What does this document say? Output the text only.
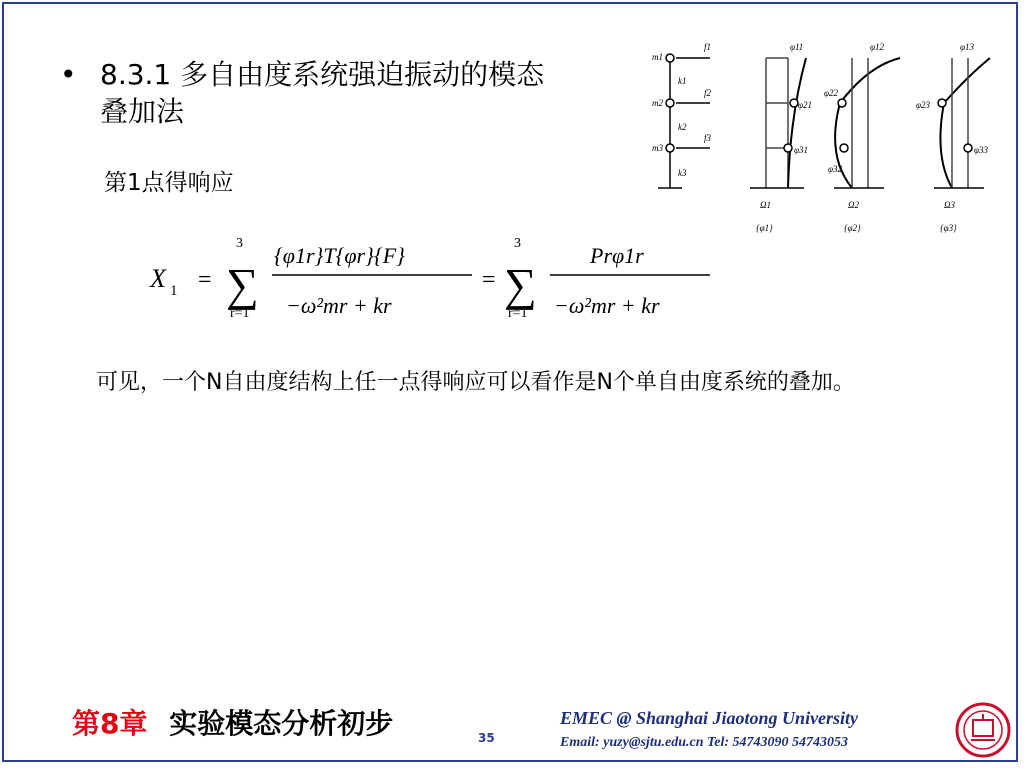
• 8.3.1 多自由度系统强迫振动的模态叠加法
第1点得响应
m1
m2
m3
k1
k2
k3
f1
f2
f3
φ11	φ12	φ13
φ21
φ31
φ22
φ32
φ23
φ33
Ω1	Ω2	Ω3
{φ1}	{φ2}	{φ3}
X 1 = ∑
3
r=1
{φ1r}T{φr}{F}
−ω²mr + kr
= ∑
3
r=1
Prφ1r
−ω²mr + kr
可见，一个N自由度结构上任一点得响应可以看作是N个单自由度系统的叠加。
第8章 实验模态分析初步	35
EMEC @ Shanghai Jiaotong University
Email: yuzy@sjtu.edu.cn Tel: 54743090 54743053
